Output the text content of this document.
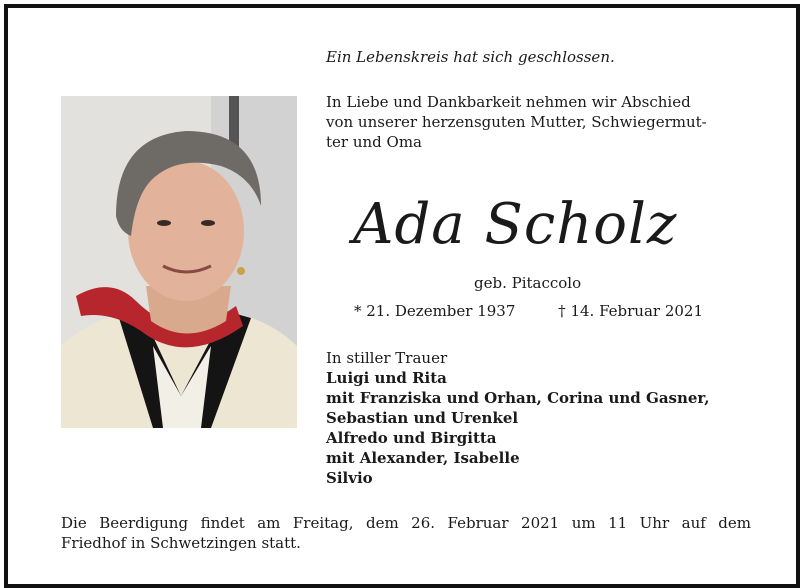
Ein Lebenskreis hat sich geschlossen.
In Liebe und Dankbarkeit nehmen wir Abschied
von unserer herzensguten Mutter, Schwiegermut-
ter und Oma
Ada Scholz
geb. Pitaccolo
* 21. Dezember 1937	† 14. Februar 2021
In stiller Trauer
Luigi und Rita
mit Franziska und Orhan, Corina und Gasner,
Sebastian und Urenkel
Alfredo und Birgitta
mit Alexander, Isabelle
Silvio
Die Beerdigung findet am Freitag, dem 26. Februar 2021 um 11 Uhr auf dem
Friedhof in Schwetzingen statt.
